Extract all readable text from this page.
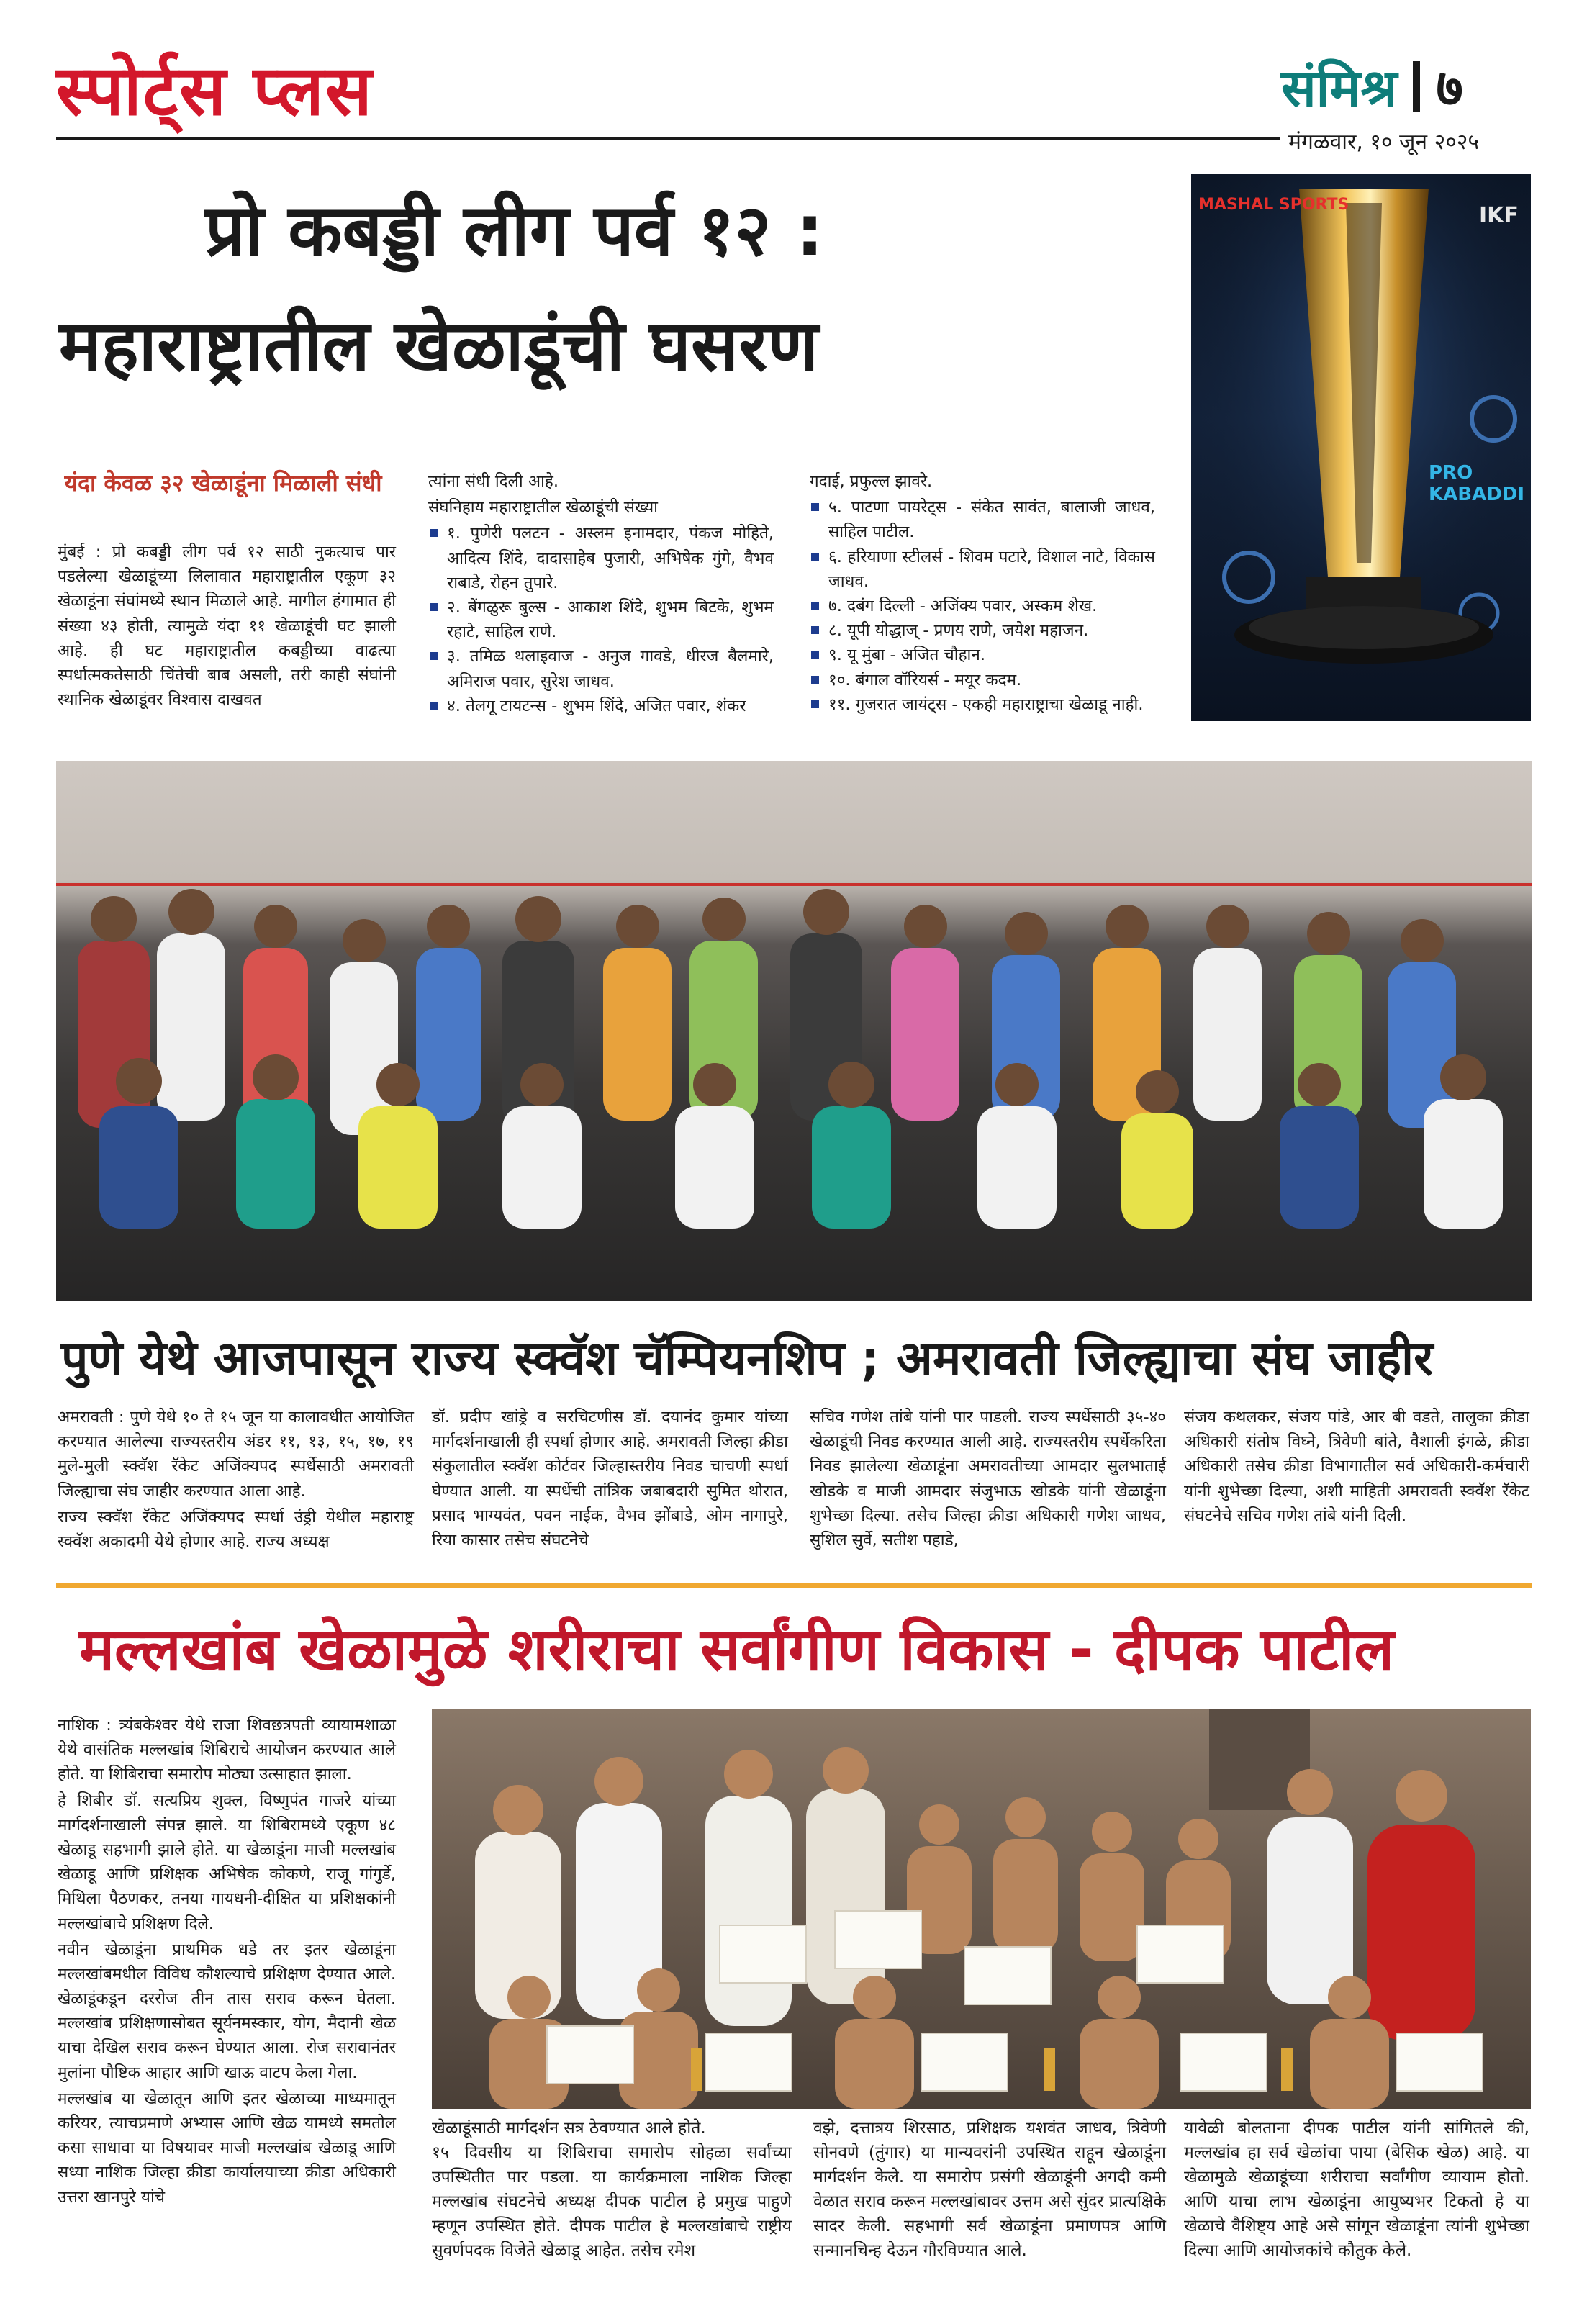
स्पोर्ट्स प्लस	संमिश्र ७
मंगळवार, १० जून २०२५
प्रो कबड्डी लीग पर्व १२ :
महाराष्ट्रातील खेळाडूंची घसरण
यंदा केवळ ३२ खेळाडूंना मिळाली संधी

मुंबई : प्रो कबड्डी लीग पर्व १२ साठी नुकत्याच पार पडलेल्या खेळाडूंच्या लिलावात महाराष्ट्रातील एकूण ३२ खेळाडूंना संघांमध्ये स्थान मिळाले आहे. मागील हंगामात ही संख्या ४३ होती, त्यामुळे यंदा ११ खेळाडूंची घट झाली आहे. ही घट महाराष्ट्रातील कबड्डीच्या वाढत्या स्पर्धात्मकतेसाठी चिंतेची बाब असली, तरी काही संघांनी स्थानिक खेळाडूंवर विश्वास दाखवत

त्यांना संधी दिली आहे.

संघनिहाय महाराष्ट्रातील खेळाडूंची संख्या

१. पुणेरी पलटन - अस्लम इनामदार, पंकज मोहिते, आदित्य शिंदे, दादासाहेब पुजारी, अभिषेक गुंगे, वैभव राबाडे, रोहन तुपारे.
२. बेंगळुरू बुल्स - आकाश शिंदे, शुभम बिटके, शुभम रहाटे, साहिल राणे.
३. तमिळ थलाइवाज - अनुज गावडे, धीरज बैलमारे, अमिराज पवार, सुरेश जाधव.
४. तेलगू टायटन्स - शुभम शिंदे, अजित पवार, शंकर

गदाई, प्रफुल्ल झावरे.

५. पाटणा पायरेट्स - संकेत सावंत, बालाजी जाधव, साहिल पाटील.
६. हरियाणा स्टीलर्स - शिवम पटारे, विशाल नाटे, विकास जाधव.
७. दबंग दिल्ली - अजिंक्य पवार, अस्कम शेख.
८. यूपी योद्धाज् - प्रणय राणे, जयेश महाजन.
९. यू मुंबा - अजित चौहान.
१०. बंगाल वॉरियर्स - मयूर कदम.
११. गुजरात जायंट्स - एकही महाराष्ट्राचा खेळाडू नाही.
MASHAL SPORTS	IKF
PRO KABADDI
पुणे येथे आजपासून राज्य स्क्वॅश चॅम्पियनशिप ; अमरावती जिल्ह्याचा संघ जाहीर

अमरावती : पुणे येथे १० ते १५ जून या कालावधीत आयोजित करण्यात आलेल्या राज्यस्तरीय अंडर ११, १३, १५, १७, १९ मुले-मुली स्क्वॅश रॅकेट अजिंक्यपद स्पर्धेसाठी अमरावती जिल्ह्याचा संघ जाहीर करण्यात आला आहे.

राज्य स्क्वॅश रॅकेट अजिंक्यपद स्पर्धा उंड्री येथील महाराष्ट्र स्क्वॅश अकादमी येथे होणार आहे. राज्य अध्यक्ष

डॉ. प्रदीप खांड्रे व सरचिटणीस डॉ. दयानंद कुमार यांच्या मार्गदर्शनाखाली ही स्पर्धा होणार आहे. अमरावती जिल्हा क्रीडा संकुलातील स्क्वॅश कोर्टवर जिल्हास्तरीय निवड चाचणी स्पर्धा घेण्यात आली. या स्पर्धेची तांत्रिक जबाबदारी सुमित थोरात, प्रसाद भाग्यवंत, पवन नाईक, वैभव झोंबाडे, ओम नागापुरे, रिया कासार तसेच संघटनेचे

सचिव गणेश तांबे यांनी पार पाडली. राज्य स्पर्धेसाठी ३५-४० खेळाडूंची निवड करण्यात आली आहे. राज्यस्तरीय स्पर्धेकरिता निवड झालेल्या खेळाडूंना अमरावतीच्या आमदार सुलभाताई खोडके व माजी आमदार संजुभाऊ खोडके यांनी खेळाडूंना शुभेच्छा दिल्या. तसेच जिल्हा क्रीडा अधिकारी गणेश जाधव, सुशिल सुर्वे, सतीश पहाडे,

संजय कथलकर, संजय पांडे, आर बी वडते, तालुका क्रीडा अधिकारी संतोष विघ्ने, त्रिवेणी बांते, वैशाली इंगळे, क्रीडा अधिकारी तसेच क्रीडा विभागातील सर्व अधिकारी-कर्मचारी यांनी शुभेच्छा दिल्या, अशी माहिती अमरावती स्क्वॅश रॅकेट संघटनेचे सचिव गणेश तांबे यांनी दिली.

मल्लखांब खेळामुळे शरीराचा सर्वांगीण विकास - दीपक पाटील

नाशिक : त्र्यंबकेश्वर येथे राजा शिवछत्रपती व्यायामशाळा येथे वासंतिक मल्लखांब शिबिराचे आयोजन करण्यात आले होते. या शिबिराचा समारोप मोठ्या उत्साहात झाला.

हे शिबीर डॉ. सत्यप्रिय शुक्ल, विष्णुपंत गाजरे यांच्या मार्गदर्शनाखाली संपन्न झाले. या शिबिरामध्ये एकूण ४८ खेळाडू सहभागी झाले होते. या खेळाडूंना माजी मल्लखांब खेळाडू आणि प्रशिक्षक अभिषेक कोकणे, राजू गांगुर्डे, मिथिला पैठणकर, तनया गायधनी-दीक्षित या प्रशिक्षकांनी मल्लखांबाचे प्रशिक्षण दिले.

नवीन खेळाडूंना प्राथमिक धडे तर इतर खेळाडूंना मल्लखांबमधील विविध कौशल्याचे प्रशिक्षण देण्यात आले. खेळाडूंकडून दररोज तीन तास सराव करून घेतला. मल्लखांब प्रशिक्षणासोबत सूर्यनमस्कार, योग, मैदानी खेळ याचा देखिल सराव करून घेण्यात आला. रोज सरावानंतर मुलांना पौष्टिक आहार आणि खाऊ वाटप केला गेला.

मल्लखांब या खेळातून आणि इतर खेळाच्या माध्यमातून करियर, त्याचप्रमाणे अभ्यास आणि खेळ यामध्ये समतोल कसा साधावा या विषयावर माजी मल्लखांब खेळाडू आणि सध्या नाशिक जिल्हा क्रीडा कार्यालयाच्या क्रीडा अधिकारी उत्तरा खानपुरे यांचे

खेळाडूंसाठी मार्गदर्शन सत्र ठेवण्यात आले होते.

१५ दिवसीय या शिबिराचा समारोप सोहळा सर्वांच्या उपस्थितीत पार पडला. या कार्यक्रमाला नाशिक जिल्हा मल्लखांब संघटनेचे अध्यक्ष दीपक पाटील हे प्रमुख पाहुणे म्हणून उपस्थित होते. दीपक पाटील हे मल्लखांबाचे राष्ट्रीय सुवर्णपदक विजेते खेळाडू आहेत. तसेच रमेश

वझे, दत्तात्रय शिरसाठ, प्रशिक्षक यशवंत जाधव, त्रिवेणी सोनवणे (तुंगार) या मान्यवरांनी उपस्थित राहून खेळाडूंना मार्गदर्शन केले. या समारोप प्रसंगी खेळाडूंनी अगदी कमी वेळात सराव करून मल्लखांबावर उत्तम असे सुंदर प्रात्यक्षिके सादर केली. सहभागी सर्व खेळाडूंना प्रमाणपत्र आणि सन्मानचिन्ह देऊन गौरविण्यात आले.

यावेळी बोलताना दीपक पाटील यांनी सांगितले की, मल्लखांब हा सर्व खेळांचा पाया (बेसिक खेळ) आहे. या खेळामुळे खेळाडूंच्या शरीराचा सर्वांगीण व्यायाम होतो. आणि याचा लाभ खेळाडूंना आयुष्यभर टिकतो हे या खेळाचे वैशिष्ट्य आहे असे सांगून खेळाडूंना त्यांनी शुभेच्छा दिल्या आणि आयोजकांचे कौतुक केले.
